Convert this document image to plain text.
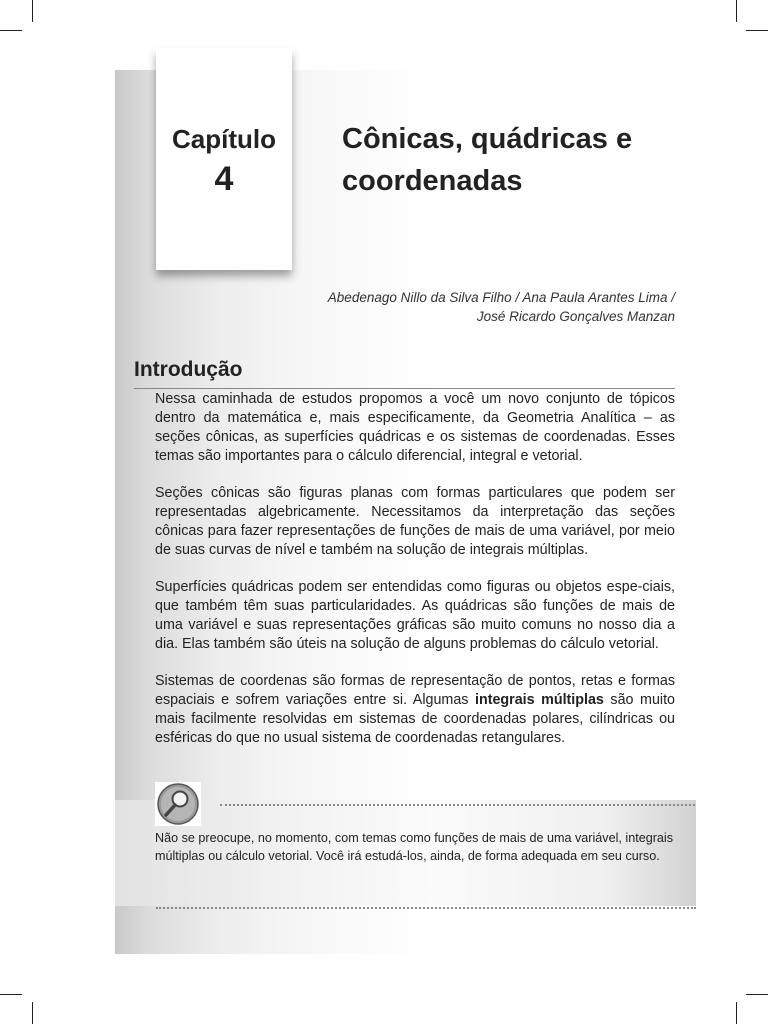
Capítulo
4
Cônicas, quádricas e
coordenadas
Abedenago Nillo da Silva Filho / Ana Paula Arantes Lima /
José Ricardo Gonçalves Manzan
Introdução

Nessa caminhada de estudos propomos a você um novo conjunto de tópicos dentro da matemática e, mais especificamente, da Geometria Analítica – as seções cônicas, as superfícies quádricas e os sistemas de coordenadas. Esses temas são importantes para o cálculo diferencial, integral e vetorial.

Seções cônicas são figuras planas com formas particulares que podem ser representadas algebricamente. Necessitamos da interpretação das seções cônicas para fazer representações de funções de mais de uma variável, por meio de suas curvas de nível e também na solução de integrais múltiplas.

Superfícies quádricas podem ser entendidas como figuras ou objetos espe-ciais, que também têm suas particularidades. As quádricas são funções de mais de uma variável e suas representações gráficas são muito comuns no nosso dia a dia. Elas também são úteis na solução de alguns problemas do cálculo vetorial.

Sistemas de coordenas são formas de representação de pontos, retas e formas espaciais e sofrem variações entre si. Algumas integrais múltiplas são muito mais facilmente resolvidas em sistemas de coordenadas polares, cilíndricas ou esféricas do que no usual sistema de coordenadas retangulares.

Não se preocupe, no momento, com temas como funções de mais de uma variável, integrais múltiplas ou cálculo vetorial. Você irá estudá-los, ainda, de forma adequada em seu curso.
